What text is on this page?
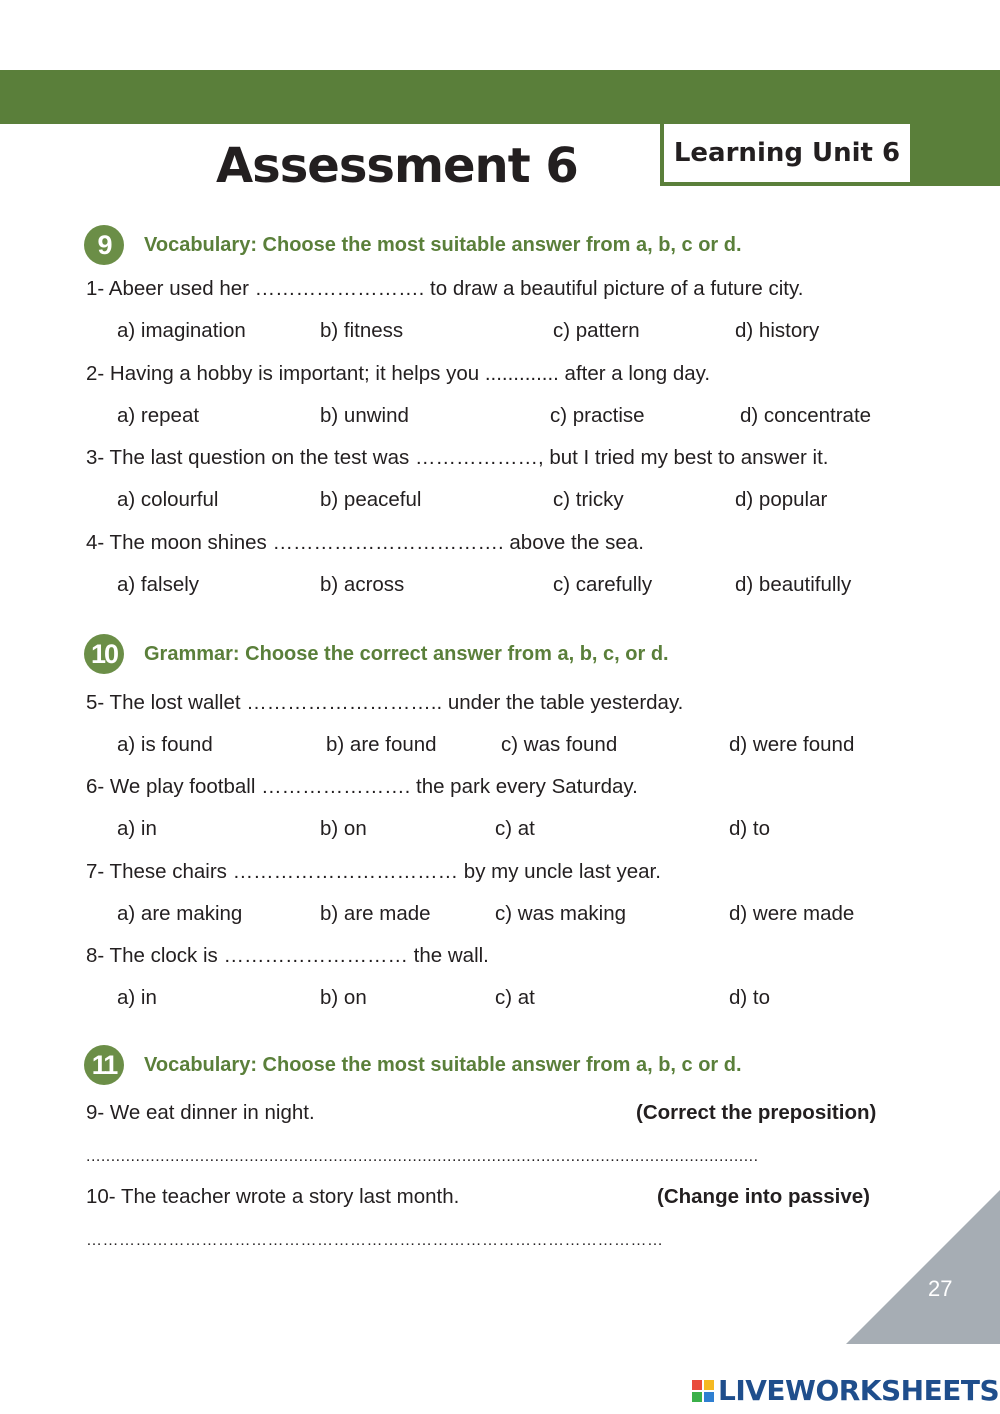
Learning Unit 6
Assessment 6
9	Vocabulary: Choose the most suitable answer from a, b, c or d.
1- Abeer used her ……………………. to draw a beautiful picture of a future city.
a) imagination	b) fitness	c) pattern	d) history
2- Having a hobby is important; it helps you ............. after a long day.
a) repeat	b) unwind	c) practise	d) concentrate
3- The last question on the test was ………………, but I tried my best to answer it.
a) colourful	b) peaceful	c) tricky	d) popular
4- The moon shines ……………………………. above the sea.
a) falsely	b) across	c) carefully	d) beautifully
10	Grammar: Choose the correct answer from a, b, c, or d.
5- The lost wallet ……………………….. under the table yesterday.
a) is found	b) are found	c) was found	d) were found
6- We play football …………………. the park every Saturday.
a) in	b) on	c) at	d) to
7- These chairs …………………………… by my uncle last year.
a) are making	b) are made	c) was making	d) were made
8- The clock is ……………………… the wall.
a) in	b) on	c) at	d) to
11	Vocabulary: Choose the most suitable answer from a, b, c or d.
9- We eat dinner in night.	(Correct the preposition)
........................................................................................................................................
10- The teacher wrote a story last month.	(Change into passive)
……………………………………………………………………………………………
27
LIVEWORKSHEETS
